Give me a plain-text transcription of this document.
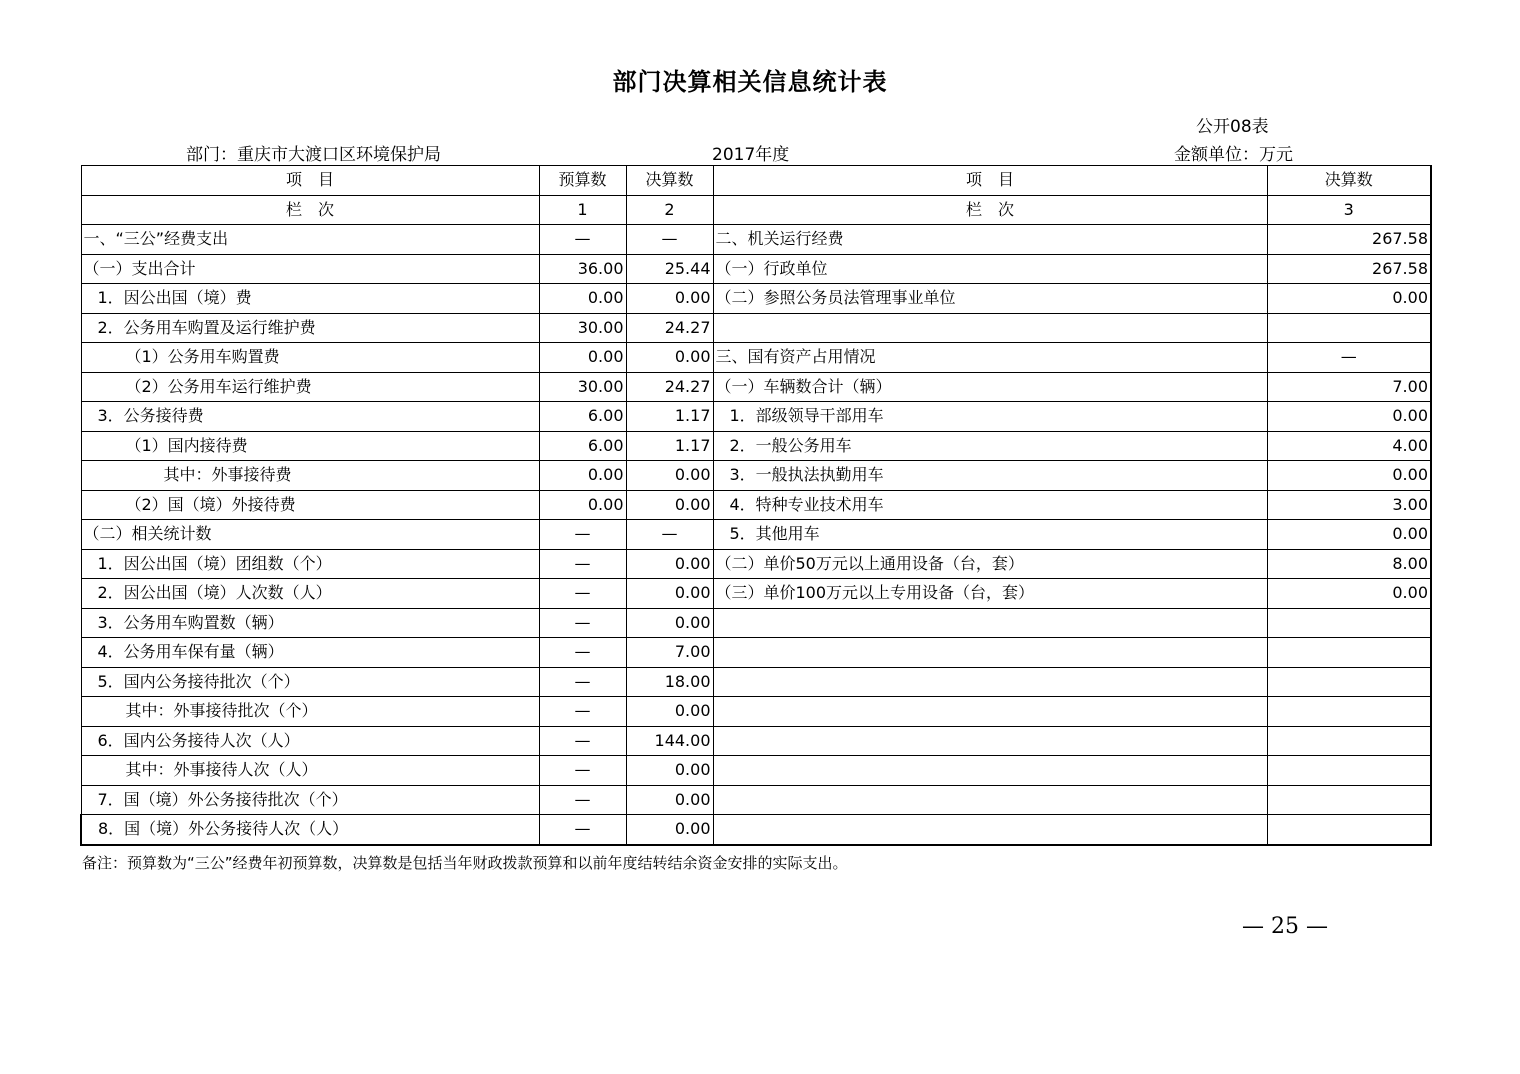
部门决算相关信息统计表
公开08表
部门：重庆市大渡口区环境保护局	2017年度	金额单位：万元
项　目	预算数	决算数	项　目	决算数
栏　次	1	2	栏　次	3
一、“三公”经费支出	—	—	二、机关运行经费	267.58
（一）支出合计	36.00	25.44	（一）行政单位	267.58
1．因公出国（境）费	0.00	0.00	（二）参照公务员法管理事业单位	0.00
2．公务用车购置及运行维护费	30.00	24.27		
（1）公务用车购置费	0.00	0.00	三、国有资产占用情况	—
（2）公务用车运行维护费	30.00	24.27	（一）车辆数合计（辆）	7.00
3．公务接待费	6.00	1.17	1．部级领导干部用车	0.00
（1）国内接待费	6.00	1.17	2．一般公务用车	4.00
其中：外事接待费	0.00	0.00	3．一般执法执勤用车	0.00
（2）国（境）外接待费	0.00	0.00	4．特种专业技术用车	3.00
（二）相关统计数	—	—	5．其他用车	0.00
1．因公出国（境）团组数（个）	—	0.00	（二）单价50万元以上通用设备（台，套）	8.00
2．因公出国（境）人次数（人）	—	0.00	（三）单价100万元以上专用设备（台，套）	0.00
3．公务用车购置数（辆）	—	0.00		
4．公务用车保有量（辆）	—	7.00		
5．国内公务接待批次（个）	—	18.00		
其中：外事接待批次（个）	—	0.00		
6．国内公务接待人次（人）	—	144.00		
其中：外事接待人次（人）	—	0.00		
7．国（境）外公务接待批次（个）	—	0.00		
8．国（境）外公务接待人次（人）	—	0.00		
备注：预算数为“三公”经费年初预算数，决算数是包括当年财政拨款预算和以前年度结转结余资金安排的实际支出。
— 25 —
